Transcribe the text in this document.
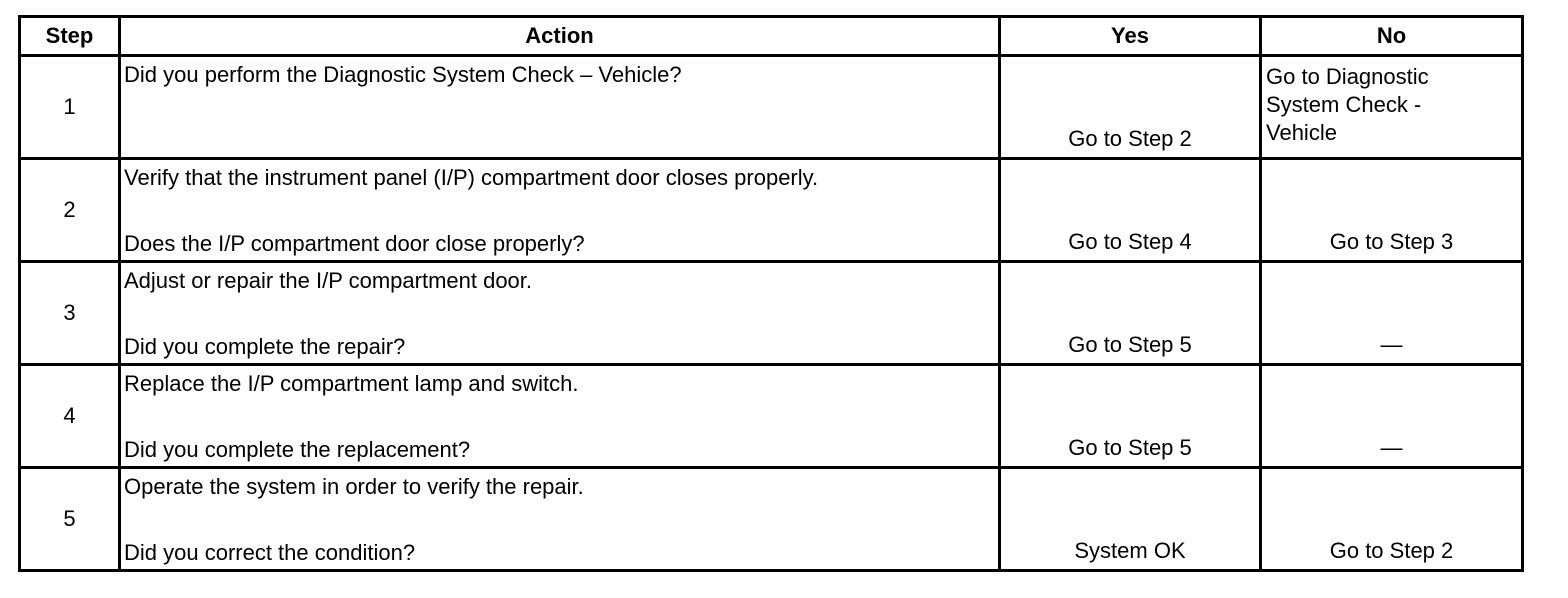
Step	Action	Yes	No
1	Did you perform the Diagnostic System Check – Vehicle?	Go to Step 2	Go to Diagnostic
System Check -
Vehicle

2	Verify that the instrument panel (I/P) compartment door closes properly.
Does the I/P compartment door close properly?	Go to Step 4	Go to Step 3

3	Adjust or repair the I/P compartment door.
Did you complete the repair?	Go to Step 5	—

4	Replace the I/P compartment lamp and switch.
Did you complete the replacement?	Go to Step 5	—

5	Operate the system in order to verify the repair.
Did you correct the condition?	System OK	Go to Step 2
